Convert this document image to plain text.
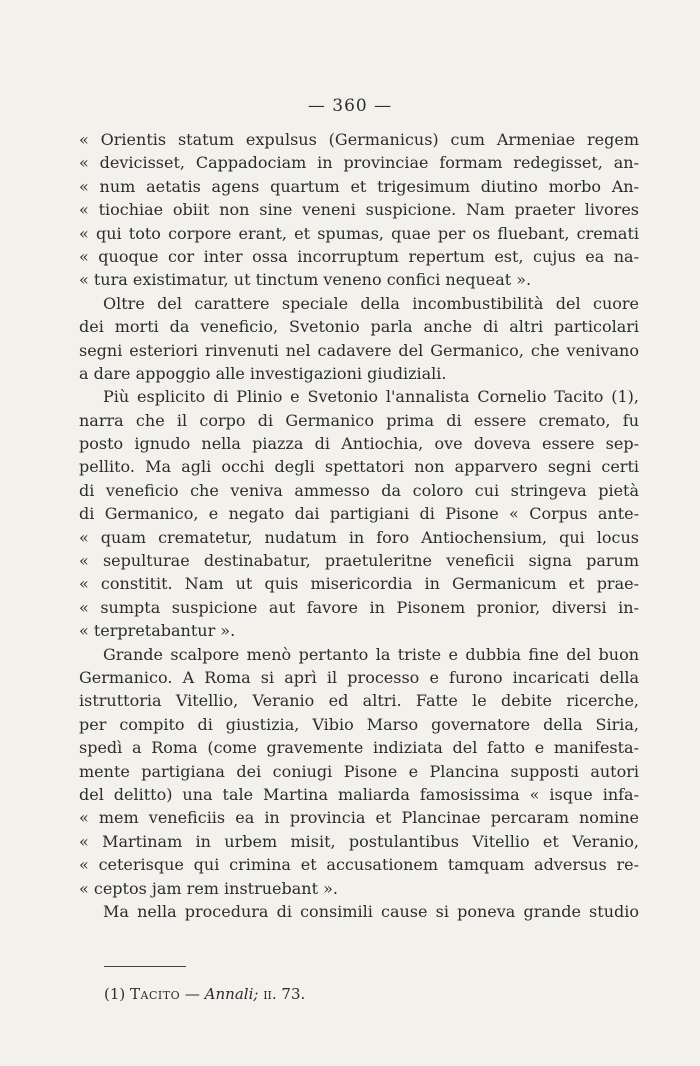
— 360 —
« Orientis statum expulsus (Germanicus) cum Armeniae regem
« devicisset, Cappadociam in provinciae formam redegisset, an-
« num aetatis agens quartum et trigesimum diutino morbo An-
« tiochiae obiit non sine veneni suspicione. Nam praeter livores
« qui toto corpore erant, et spumas, quae per os fluebant, cremati
« quoque cor inter ossa incorruptum repertum est, cujus ea na-
« tura existimatur, ut tinctum veneno confici nequeat ».
Oltre del carattere speciale della incombustibilità del cuore
dei morti da veneficio, Svetonio parla anche di altri particolari
segni esteriori rinvenuti nel cadavere del Germanico, che venivano
a dare appoggio alle investigazioni giudiziali.
Più esplicito di Plinio e Svetonio l'annalista Cornelio Tacito (1),
narra che il corpo di Germanico prima di essere cremato, fu
posto ignudo nella piazza di Antiochia, ove doveva essere sep-
pellito. Ma agli occhi degli spettatori non apparvero segni certi
di veneficio che veniva ammesso da coloro cui stringeva pietà
di Germanico, e negato dai partigiani di Pisone « Corpus ante-
« quam crematetur, nudatum in foro Antiochensium, qui locus
« sepulturae destinabatur, praetuleritne veneficii signa parum
« constitit. Nam ut quis misericordia in Germanicum et prae-
« sumpta suspicione aut favore in Pisonem pronior, diversi in-
« terpretabantur ».
Grande scalpore menò pertanto la triste e dubbia fine del buon
Germanico. A Roma si aprì il processo e furono incaricati della
istruttoria Vitellio, Veranio ed altri. Fatte le debite ricerche,
per compito di giustizia, Vibio Marso governatore della Siria,
spedì a Roma (come gravemente indiziata del fatto e manifesta-
mente partigiana dei coniugi Pisone e Plancina supposti autori
del delitto) una tale Martina maliarda famosissima « isque infa-
« mem veneficiis ea in provincia et Plancinae percaram nomine
« Martinam in urbem misit, postulantibus Vitellio et Veranio,
« ceterisque qui crimina et accusationem tamquam adversus re-
« ceptos jam rem instruebant ».
Ma nella procedura di consimili cause si poneva grande studio
(1) Tacito — Annali; ii. 73.
